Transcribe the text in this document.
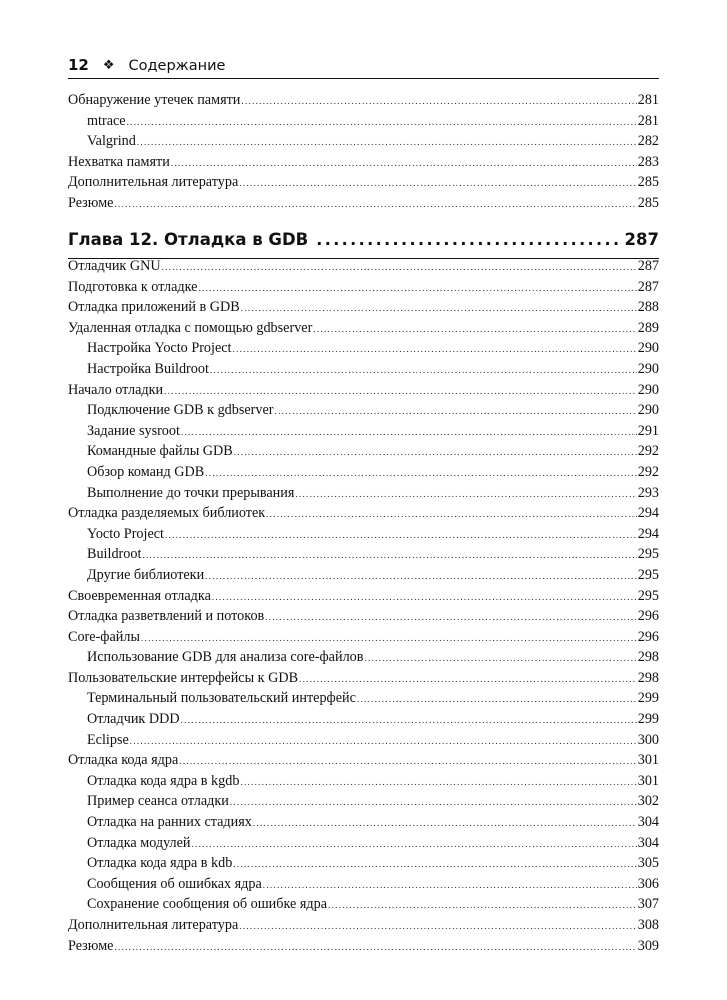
12 ❖ Содержание
Обнаружение утечек памяти .....	281
mtrace .....	281
Valgrind .....	282
Нехватка памяти .....	283
Дополнительная литература .....	285
Резюме .....	285
Глава 12. Отладка в GDB .....	287
Отладчик GNU .....	287
Подготовка к отладке .....	287
Отладка приложений в GDB .....	288
Удаленная отладка с помощью gdbserver .....	289
Настройка Yocto Project .....	290
Настройка Buildroot .....	290
Начало отладки .....	290
Подключение GDB к gdbserver .....	290
Задание sysroot .....	291
Командные файлы GDB .....	292
Обзор команд GDB .....	292
Выполнение до точки прерывания .....	293
Отладка разделяемых библиотек .....	294
Yocto Project .....	294
Buildroot .....	295
Другие библиотеки .....	295
Своевременная отладка .....	295
Отладка разветвлений и потоков .....	296
Core-файлы .....	296
Использование GDB для анализа core-файлов .....	298
Пользовательские интерфейсы к GDB .....	298
Терминальный пользовательский интерфейс .....	299
Отладчик DDD .....	299
Eclipse .....	300
Отладка кода ядра .....	301
Отладка кода ядра в kgdb .....	301
Пример сеанса отладки .....	302
Отладка на ранних стадиях .....	304
Отладка модулей .....	304
Отладка кода ядра в kdb .....	305
Сообщения об ошибках ядра .....	306
Сохранение сообщения об ошибке ядра .....	307
Дополнительная литература .....	308
Резюме .....	309
